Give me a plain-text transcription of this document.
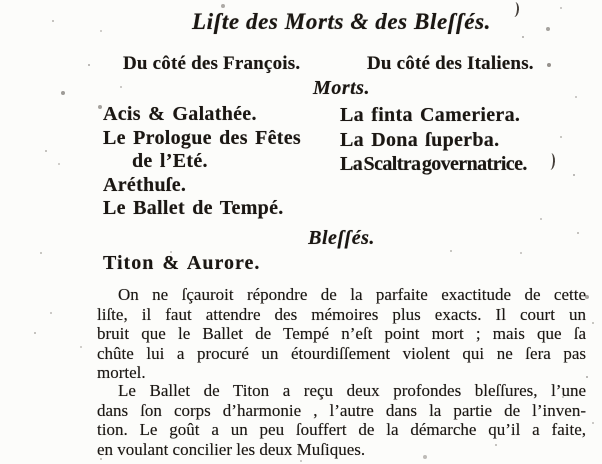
Liſte des Morts & des Bleſſés.
Du côté des François.	Du côté des Italiens.
Morts.
Acis & Galathée.
Le Prologue des Fêtes
de l’Eté.
Aréthuſe.
Le Ballet de Tempé.
La finta Cameriera.
La Dona ſuperba.
La Scaltra governatrice.
Bleſſés.
Titon & Aurore.
On ne ſçauroit répondre de la parfaite exactitude de cette
liſte, il faut attendre des mémoires plus exacts. Il court un
bruit que le Ballet de Tempé n’eſt point mort ; mais que ſa
chûte lui a procuré un étourdiſſement violent qui ne ſera pas
mortel.
Le Ballet de Titon a reçu deux profondes bleſſures, l’une
dans ſon corps d’harmonie , l’autre dans la partie de l’inven-
tion. Le goût a un peu ſouffert de la démarche qu’il a faite,
en voulant concilier les deux Muſiques.
